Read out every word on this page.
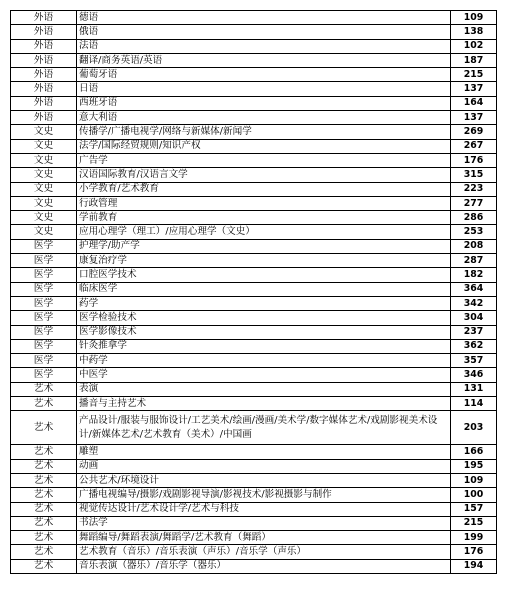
外语	德语	109
外语	俄语	138
外语	法语	102
外语	翻译/商务英语/英语	187
外语	葡萄牙语	215
外语	日语	137
外语	西班牙语	164
外语	意大利语	137
文史	传播学/广播电视学/网络与新媒体/新闻学	269
文史	法学/国际经贸规则/知识产权	267
文史	广告学	176
文史	汉语国际教育/汉语言文学	315
文史	小学教育/艺术教育	223
文史	行政管理	277
文史	学前教育	286
文史	应用心理学（理工）/应用心理学（文史）	253
医学	护理学/助产学	208
医学	康复治疗学	287
医学	口腔医学技术	182
医学	临床医学	364
医学	药学	342
医学	医学检验技术	304
医学	医学影像技术	237
医学	针灸推拿学	362
医学	中药学	357
医学	中医学	346
艺术	表演	131
艺术	播音与主持艺术	114
艺术	产品设计/服装与服饰设计/工艺美术/绘画/漫画/美术学/数字媒体艺术/戏剧影视美术设计/新媒体艺术/艺术教育（美术）/中国画	203
艺术	雕塑	166
艺术	动画	195
艺术	公共艺术/环境设计	109
艺术	广播电视编导/摄影/戏剧影视导演/影视技术/影视摄影与制作	100
艺术	视觉传达设计/艺术设计学/艺术与科技	157
艺术	书法学	215
艺术	舞蹈编导/舞蹈表演/舞蹈学/艺术教育（舞蹈）	199
艺术	艺术教育（音乐）/音乐表演（声乐）/音乐学（声乐）	176
艺术	音乐表演（器乐）/音乐学（器乐）	194
